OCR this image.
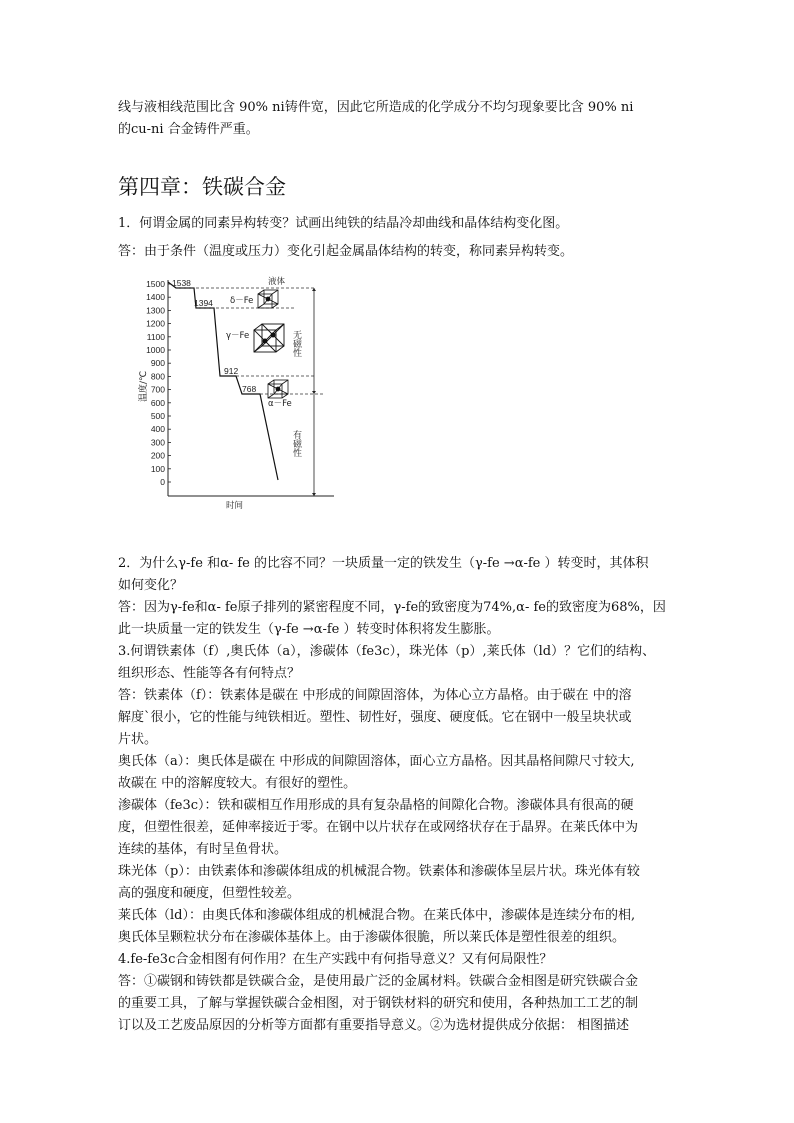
线与液相线范围比含 90% ni铸件宽，因此它所造成的化学成分不均匀现象要比含 90% ni

的cu-ni 合金铸件严重。

第四章：铁碳合金

1．何谓金属的同素异构转变？试画出纯铁的结晶冷却曲线和晶体结构变化图。

答：由于条件（温度或压力）变化引起金属晶体结构的转变，称同素异构转变。

1500
1400
1300
1200
1100
1000
900
800
700
600
500
400
300
200
100
0
温度/℃
时间
1538
1394
912
768
液体
δ－Fe
γ－Fe
α－Fe
无磁性
有磁性

2．为什么γ-fe 和α- fe 的比容不同？一块质量一定的铁发生（γ-fe →α-fe ）转变时，其体积

如何变化？

答：因为γ-fe和α- fe原子排列的紧密程度不同，γ-fe的致密度为74%,α- fe的致密度为68%，因

此一块质量一定的铁发生（γ-fe →α-fe ）转变时体积将发生膨胀。

3.何谓铁素体（f）,奥氏体（a），渗碳体（fe3c），珠光体（p）,莱氏体（ld）？它们的结构、

组织形态、性能等各有何特点？

答：铁素体（f）：铁素体是碳在 中形成的间隙固溶体，为体心立方晶格。由于碳在 中的溶

解度`很小，它的性能与纯铁相近。塑性、韧性好，强度、硬度低。它在钢中一般呈块状或

片状。

奥氏体（a）：奥氏体是碳在 中形成的间隙固溶体，面心立方晶格。因其晶格间隙尺寸较大,

故碳在 中的溶解度较大。有很好的塑性。

渗碳体（fe3c）：铁和碳相互作用形成的具有复杂晶格的间隙化合物。渗碳体具有很高的硬

度，但塑性很差，延伸率接近于零。在钢中以片状存在或网络状存在于晶界。在莱氏体中为

连续的基体，有时呈鱼骨状。

珠光体（p）：由铁素体和渗碳体组成的机械混合物。铁素体和渗碳体呈层片状。珠光体有较

高的强度和硬度，但塑性较差。

莱氏体（ld）：由奥氏体和渗碳体组成的机械混合物。在莱氏体中，渗碳体是连续分布的相,

奥氏体呈颗粒状分布在渗碳体基体上。由于渗碳体很脆，所以莱氏体是塑性很差的组织。

4.fe-fe3c合金相图有何作用？在生产实践中有何指导意义？又有何局限性？

答：①碳钢和铸铁都是铁碳合金，是使用最广泛的金属材料。铁碳合金相图是研究铁碳合金

的重要工具，了解与掌握铁碳合金相图，对于钢铁材料的研究和使用，各种热加工工艺的制

订以及工艺废品原因的分析等方面都有重要指导意义。②为选材提供成分依据： 相图描述
